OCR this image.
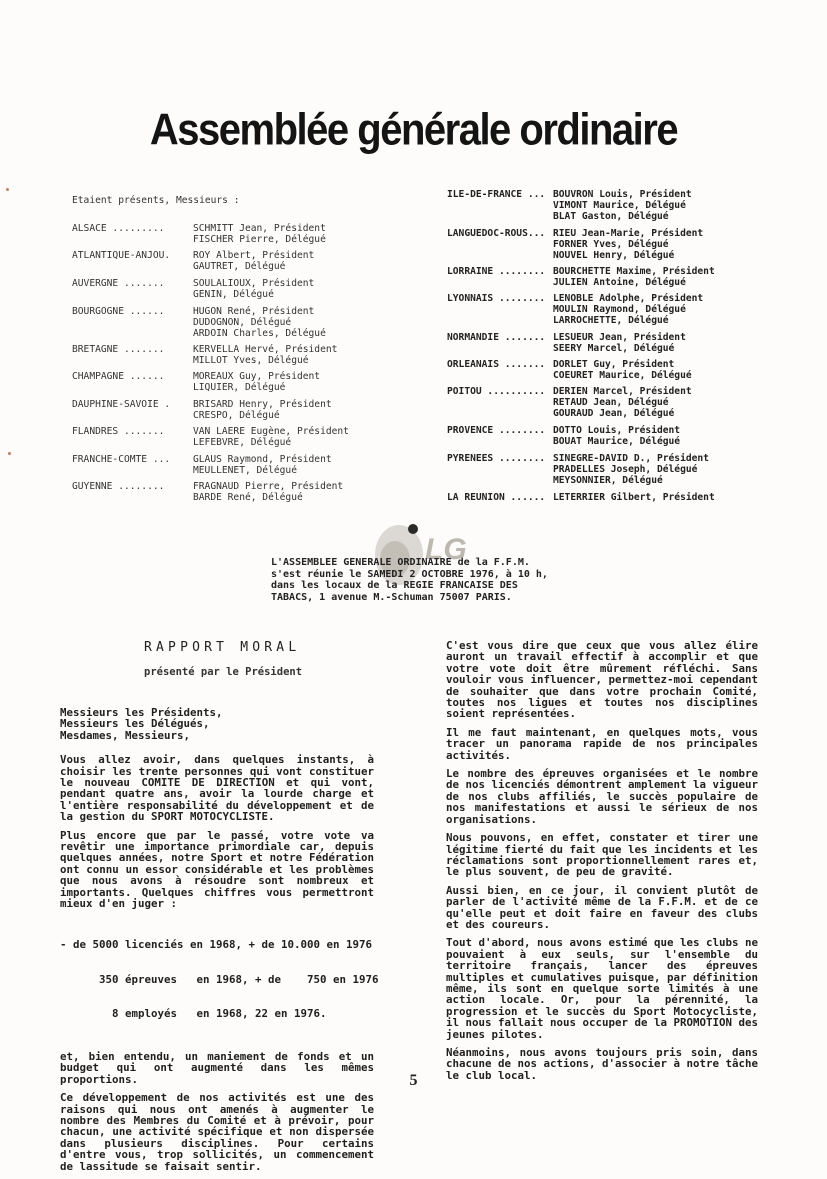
Assemblée générale ordinaire
Etaient présents, Messieurs :
ALSACE .........	SCHMITT Jean, Président
FISCHER Pierre, Délégué
ATLANTIQUE-ANJOU. ROY Albert, Président
GAUTRET, Délégué
AUVERGNE .......	SOULALIOUX, Président
GENIN, Délégué
BOURGOGNE ......	HUGON René, Président
DUDOGNON, Délégué
ARDOIN Charles, Délégué
BRETAGNE .......	KERVELLA Hervé, Président
MILLOT Yves, Délégué
CHAMPAGNE ......	MOREAUX Guy, Président
LIQUIER, Délégué
DAUPHINE-SAVOIE . BRISARD Henry, Président
CRESPO, Délégué
FLANDRES .......	VAN LAERE Eugène, Président
LEFEBVRE, Délégué
FRANCHE-COMTE ... GLAUS Raymond, Président
MEULLENET, Délégué
GUYENNE ........	FRAGNAUD Pierre, Président
BARDE René, Délégué
ILE-DE-FRANCE ... BOUVRON Louis, Président
VIMONT Maurice, Délégué
BLAT Gaston, Délégué
LANGUEDOC-ROUS... RIEU Jean-Marie, Président
FORNER Yves, Délégué
NOUVEL Henry, Délégué
LORRAINE ........ BOURCHETTE Maxime, Président
JULIEN Antoine, Délégué
LYONNAIS ........ LENOBLE Adolphe, Président
MOULIN Raymond, Délégué
LARROCHETTE, Délégué
NORMANDIE ....... LESUEUR Jean, Président
SEERY Marcel, Délégué
ORLEANAIS ....... DORLET Guy, Président
COEURET Maurice, Délégué
POITOU .......... DERIEN Marcel, Président
RETAUD Jean, Délégué
GOURAUD Jean, Délégué
PROVENCE ........ DOTTO Louis, Président
BOUAT Maurice, Délégué
PYRENEES ........ SINEGRE-DAVID D., Président
PRADELLES Joseph, Délégué
MEYSONNIER, Délégué
LA REUNION ...... LETERRIER Gilbert, Président
LG
L'ASSEMBLEE GENERALE ORDINAIRE de la F.F.M.
s'est réunie le SAMEDI 2 OCTOBRE 1976, à 10 h,
dans les locaux de la REGIE FRANCAISE DES
TABACS, 1 avenue M.-Schuman 75007 PARIS.
RAPPORT MORAL
présenté par le Président

Messieurs les Présidents,
Messieurs les Délégués,
Mesdames, Messieurs,

Vous allez avoir, dans quelques instants, à choisir les trente personnes qui vont constituer le nouveau COMITE DE DIRECTION et qui vont, pendant quatre ans, avoir la lourde charge et l'entière responsabilité du développement et de la gestion du SPORT MOTOCYCLISTE.

Plus encore que par le passé, votre vote va revêtir une importance primordiale car, depuis quelques années, notre Sport et notre Fédération ont connu un essor considérable et les problèmes que nous avons à résoudre sont nombreux et importants. Quelques chiffres vous permettront mieux d'en juger :

- de 5000 licenciés en 1968, + de 10.000 en 1976

350 épreuves   en 1968, + de    750 en 1976

8 employés   en 1968, 22 en 1976.

et, bien entendu, un maniement de fonds et un budget qui ont augmenté dans les mêmes proportions.

Ce développement de nos activités est une des raisons qui nous ont amenés à augmenter le nombre des Membres du Comité et à prévoir, pour chacun, une activité spécifique et non dispersée dans plusieurs disciplines. Pour certains d'entre vous, trop sollicités, un commencement de lassitude se faisait sentir.

C'est vous dire que ceux que vous allez élire auront un travail effectif à accomplir et que votre vote doit être mûrement réfléchi. Sans vouloir vous influencer, permettez-moi cependant de souhaiter que dans votre prochain Comité, toutes nos ligues et toutes nos disciplines soient représentées.

Il me faut maintenant, en quelques mots, vous tracer un panorama rapide de nos principales activités.

Le nombre des épreuves organisées et le nombre de nos licenciés démontrent amplement la vigueur de nos clubs affiliés, le succès populaire de nos manifestations et aussi le sérieux de nos organisations.

Nous pouvons, en effet, constater et tirer une légitime fierté du fait que les incidents et les réclamations sont proportionnellement rares et, le plus souvent, de peu de gravité.

Aussi bien, en ce jour, il convient plutôt de parler de l'activité même de la F.F.M. et de ce qu'elle peut et doit faire en faveur des clubs et des coureurs.

Tout d'abord, nous avons estimé que les clubs ne pouvaient à eux seuls, sur l'ensemble du territoire français, lancer des épreuves multiples et cumulatives puisque, par définition même, ils sont en quelque sorte limités à une action locale. Or, pour la pérennité, la progression et le succès du Sport Motocycliste, il nous fallait nous occuper de la PROMOTION des jeunes pilotes.

Néanmoins, nous avons toujours pris soin, dans chacune de nos actions, d'associer à notre tâche le club local.

5
